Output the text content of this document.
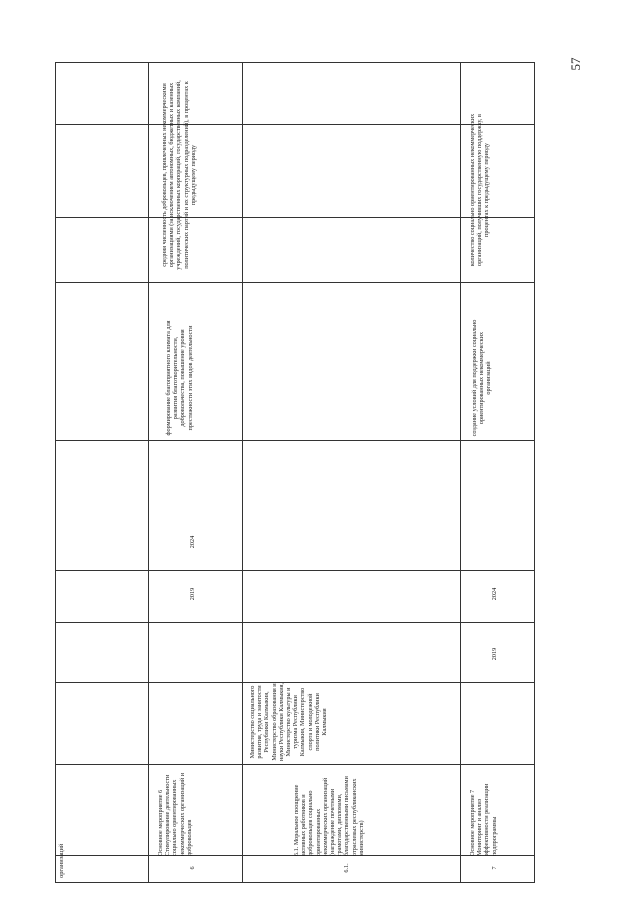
57
организаций	6
Основное мероприятие 6 Стимулирование деятельности социально ориентированных некоммерческих организаций и добровольцев
2019
2024
формирование благоприятного климата для развития благотворительности, добровольчества, повышение уровня престижности этих видов деятельности
средняя численность добровольцев, привлеченных некоммерческими организациями (за исключением автономных, бюджетных и казенных учреждений, государственных корпораций, государственных компаний, политических партий и их структурных подразделений), в процентах к предыдущему периоду
6.1.
6.1. Моральное поощрение активных работников и добровольцев социально ориентированных некоммерческих организаций (награждение почетными грамотами, дипломами, благодарственными письмами отраслевых республиканских министерств)
Министерство социального развития, труда и занятости Республики Калмыкия, Министерство образования и науки Республики Калмыкия, Министерство культуры и туризма Республики Калмыкия, Министерство спорта и молодежной политики Республики Калмыкия
7
Основное мероприятие 7 Мониторинг и анализ эффективности реализации подпрограммы
2019
2024
создание условий для поддержки социально ориентированных некоммерческих организаций
количество социально ориентированных некоммерческих организаций, получивших государственную поддержку, в процентах к предыдущему периоду
